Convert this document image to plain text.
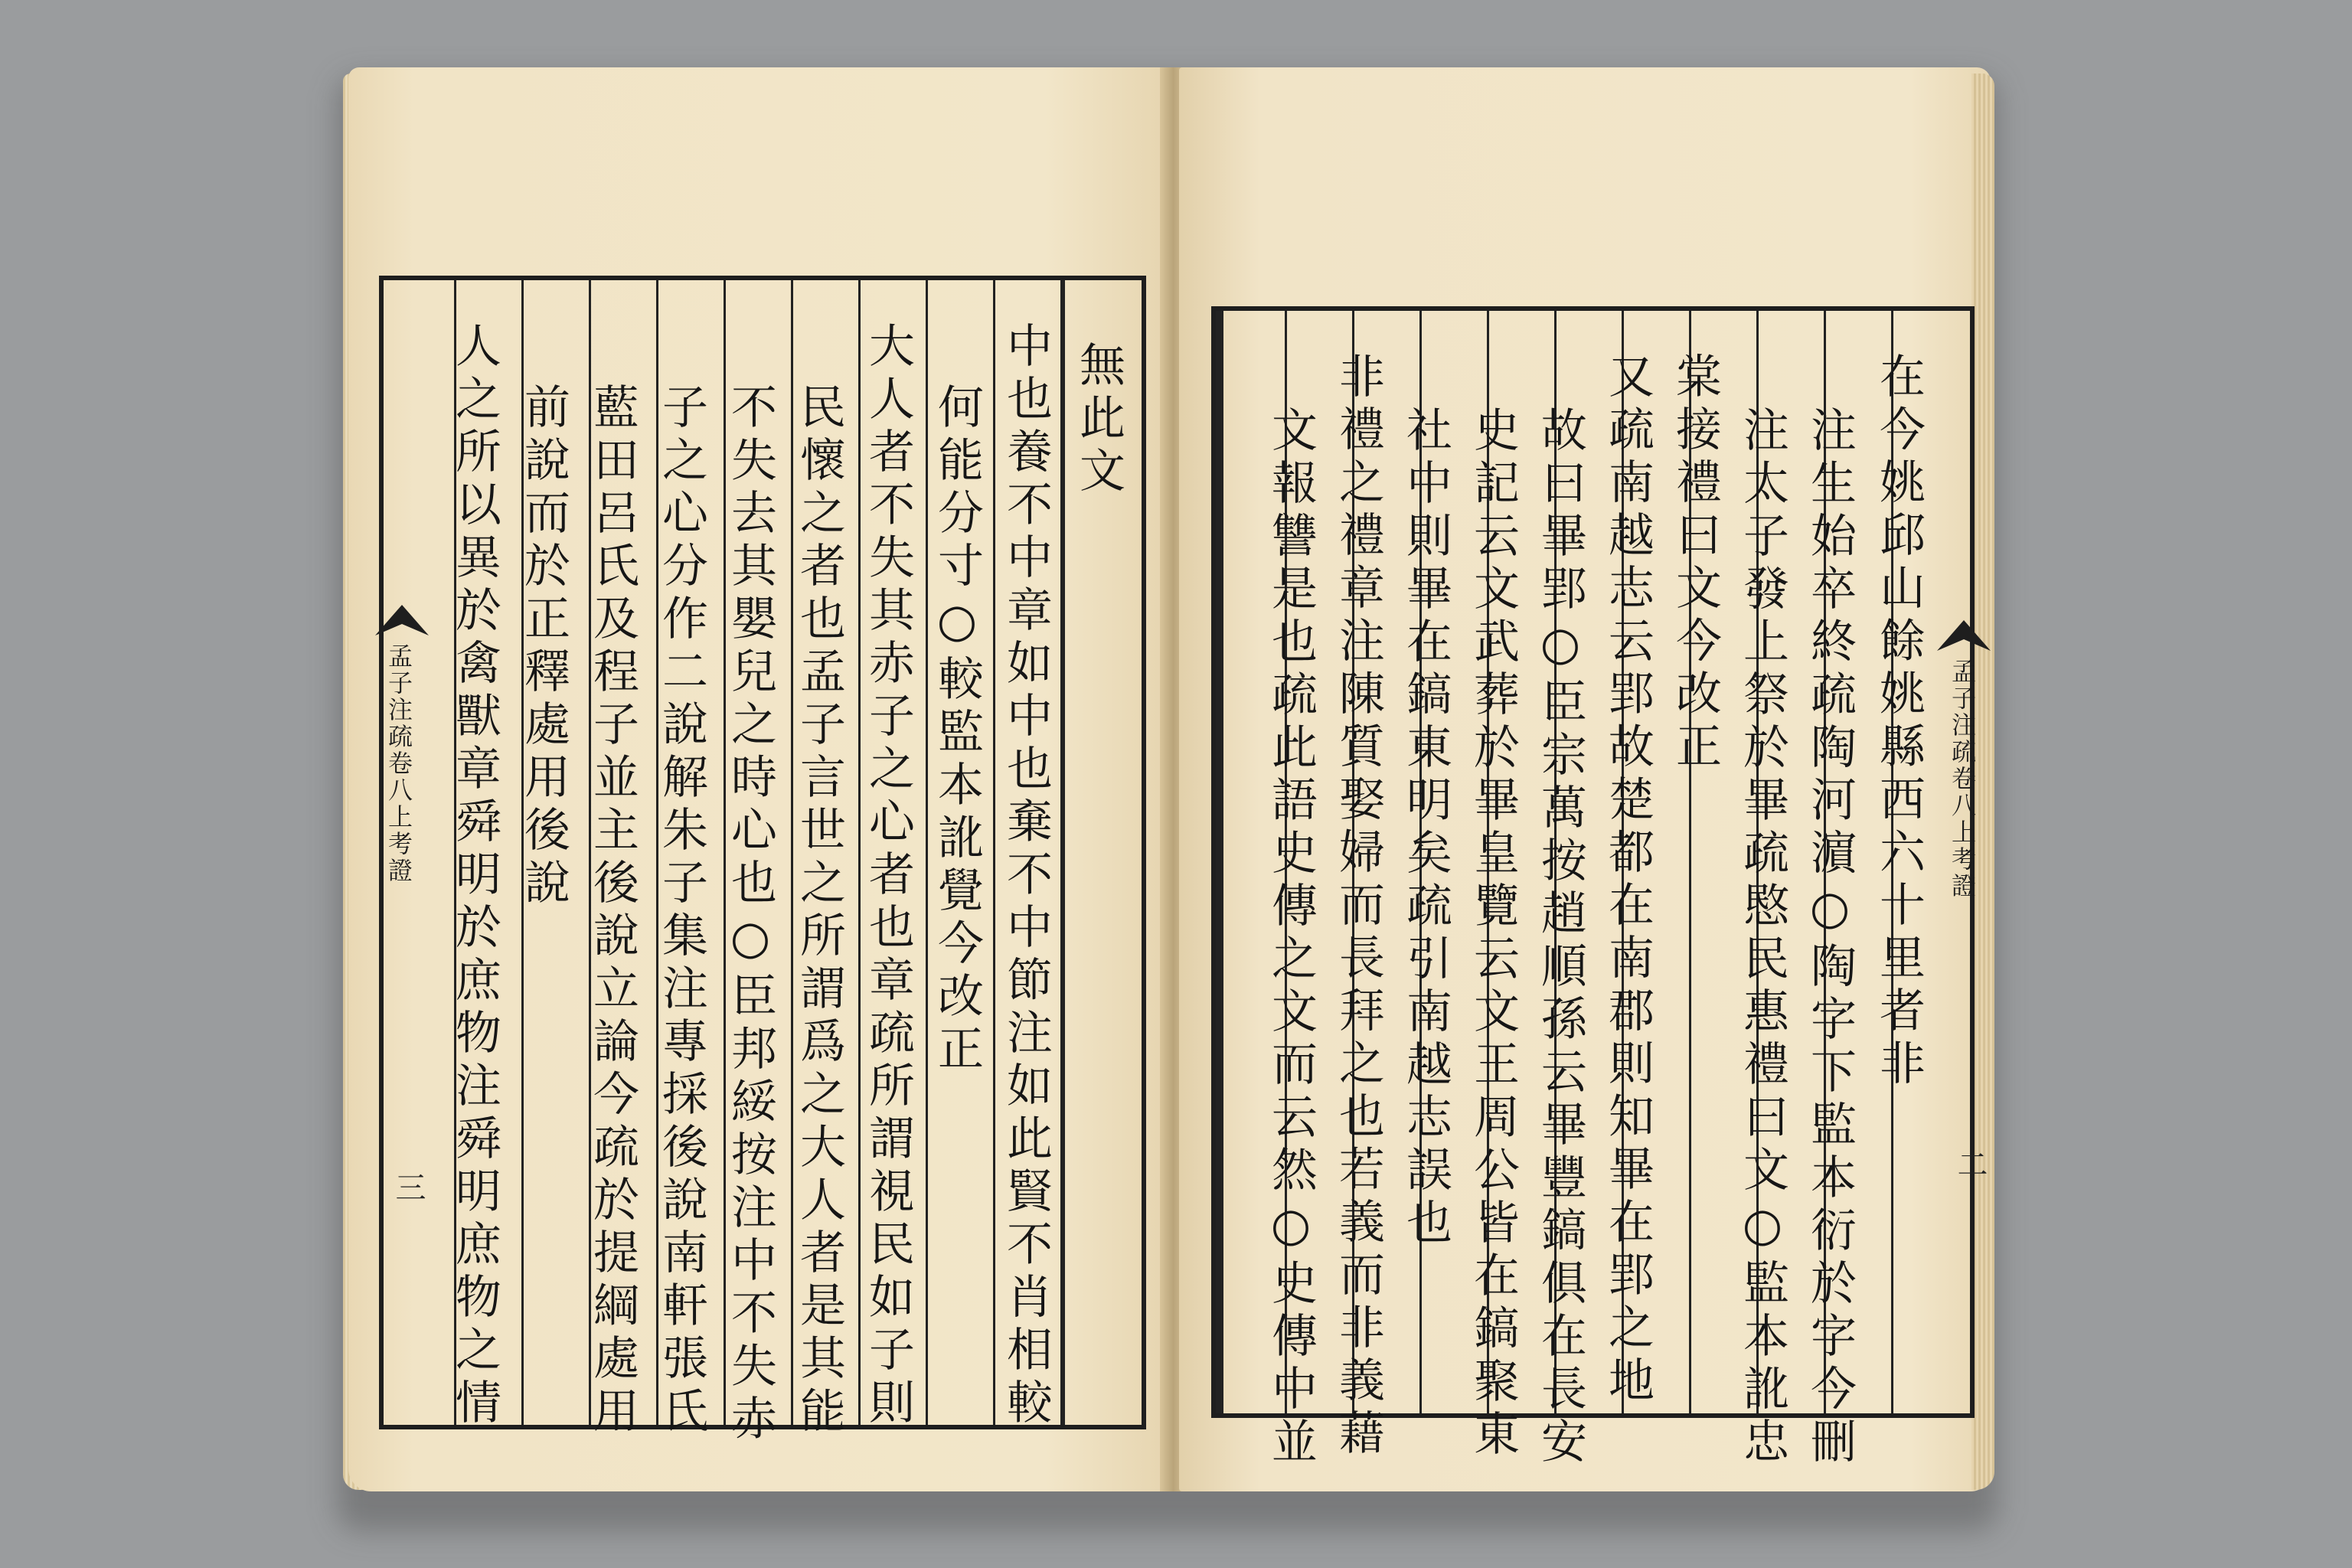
無此文
中也養不中章如中也棄不中節注如此賢不肖相較
何能分寸○較監本訛覺今改正
大人者不失其赤子之心者也章疏所謂視民如子則
民懷之者也孟子言世之所謂爲之大人者是其能
不失去其嬰兒之時心也○臣邦綏按注中不失赤
子之心分作二說解朱子集注專採後說南軒張氏
藍田呂氏及程子並主後說立論今疏於提綱處用
前說而於正釋處用後說
人之所以異於禽獸章舜明於庶物注舜明庶物之情
孟子注疏卷八上考證
三
在今姚邱山餘姚縣西六十里者非
注生始卒終疏陶河濵○陶字下監本衍於字今刪
注太子發上祭於畢疏愍民惠禮曰文○監本訛忠
棠接禮曰文今改正
又疏南越志云郢故楚都在南郡則知畢在郢之地
故曰畢郢○臣宗萬按趙順孫云畢豐鎬俱在長安
史記云文武葬於畢皇覽云文王周公皆在鎬聚東
社中則畢在鎬東明矣疏引南越志誤也
非禮之禮章注陳質娶婦而長拜之也若義而非義藉
文報讐是也疏此語史傳之文而云然○史傳中並	孟子注疏卷八上考證
二
